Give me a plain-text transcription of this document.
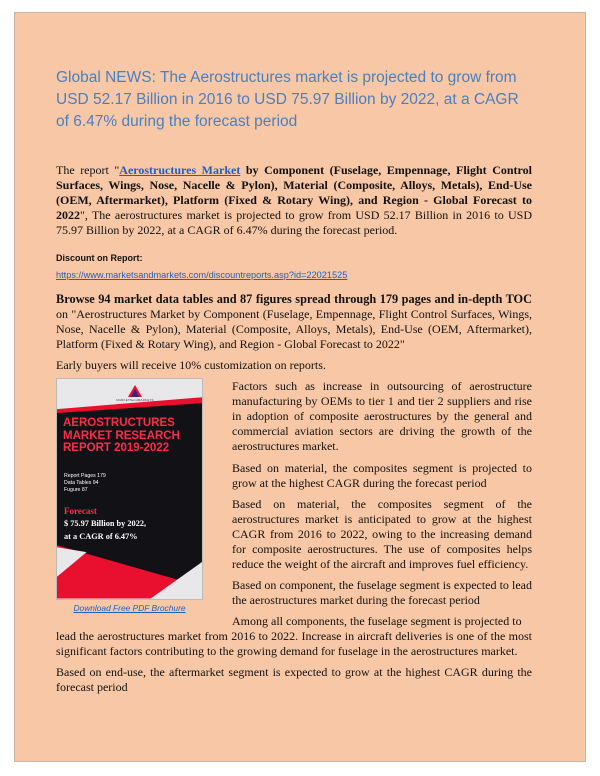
Global NEWS: The Aerostructures market is projected to grow from USD 52.17 Billion in 2016 to USD 75.97 Billion by 2022, at a CAGR of 6.47% during the forecast period
The report "Aerostructures Market by Component (Fuselage, Empennage, Flight Control Surfaces, Wings, Nose, Nacelle & Pylon), Material (Composite, Alloys, Metals), End-Use (OEM, Aftermarket), Platform (Fixed & Rotary Wing), and Region - Global Forecast to 2022", The aerostructures market is projected to grow from USD 52.17 Billion in 2016 to USD 75.97 Billion by 2022, at a CAGR of 6.47% during the forecast period.
Discount on Report:
https://www.marketsandmarkets.com/discountreports.asp?id=22021525
Browse 94 market data tables and 87 figures spread through 179 pages and in-depth TOC on "Aerostructures Market by Component (Fuselage, Empennage, Flight Control Surfaces, Wings, Nose, Nacelle & Pylon), Material (Composite, Alloys, Metals), End-Use (OEM, Aftermarket), Platform (Fixed & Rotary Wing), and Region - Global Forecast to 2022"
Early buyers will receive 10% customization on reports.
MARKETSandMARKETS
AEROSTRUCTURES
MARKET RESEARCH
REPORT 2019-2022
Report Pages 179
Data Tables 94
Fugure 87
Forecast
$ 75.97 Billion by 2022,
at a CAGR of 6.47%
Download Free PDF Brochure
Factors such as increase in outsourcing of aerostructure manufacturing by OEMs to tier 1 and tier 2 suppliers and rise in adoption of composite aerostructures by the general and commercial aviation sectors are driving the growth of the aerostructures market.
Based on material, the composites segment is projected to grow at the highest CAGR during the forecast period
Based on material, the composites segment of the aerostructures market is anticipated to grow at the highest CAGR from 2016 to 2022, owing to the increasing demand for composite aerostructures. The use of composites helps reduce the weight of the aircraft and improves fuel efficiency.
Based on component, the fuselage segment is expected to lead the aerostructures market during the forecast period
Among all components, the fuselage segment is projected to
lead the aerostructures market from 2016 to 2022. Increase in aircraft deliveries is one of the most significant factors contributing to the growing demand for fuselage in the aerostructures market.
Based on end-use, the aftermarket segment is expected to grow at the highest CAGR during the forecast period
